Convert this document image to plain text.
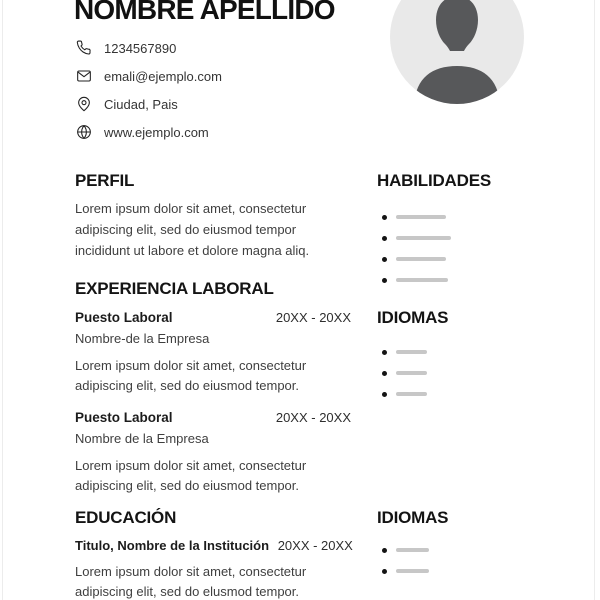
NOMBRE APELLIDO
1234567890
emali@ejemplo.com
Ciudad, Pais
www.ejemplo.com
PERFIL
Lorem ipsum dolor sit amet, consectetur adipiscing elit, sed do eiusmod tempor incididunt ut labore et dolore magna aliq.
EXPERIENCIA LABORAL
Puesto Laboral	20XX - 20XX
Nombre-de la Empresa
Lorem ipsum dolor sit amet, consectetur adipiscing elit, sed do eiusmod tempor.
Puesto Laboral	20XX - 20XX
Nombre de la Empresa
Lorem ipsum dolor sit amet, consectetur adipiscing elit, sed do eiusmod tempor.
EDUCACIÓN
Titulo, Nombre de la Institución 20XX - 20XX
Lorem ipsum dolor sit amet, consectetur adipiscing elit, sed do elusmod tempor.
HABILIDADES
IDIOMAS
IDIOMAS
